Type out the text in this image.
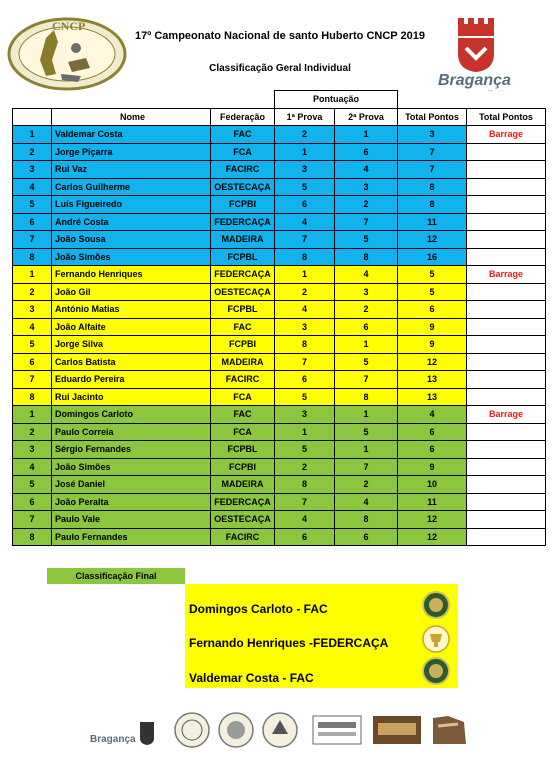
CNCP
17º Campeonato Nacional de santo Huberto CNCP 2019
Classificação Geral Individual
Bragança
			Pontuação			
	Nome	Federação	1ª Prova	2ª Prova	Total Pontos	Total Pontos
1	Valdemar Costa	FAC	2	1	3	Barrage
2	Jorge Piçarra	FCA	1	6	7	
3	Rui Vaz	FACIRC	3	4	7	
4	Carlos Guilherme	OESTECAÇA	5	3	8	
5	Luís Figueiredo	FCPBI	6	2	8	
6	André Costa	FEDERCAÇA	4	7	11	
7	João Sousa	MADEIRA	7	5	12	
8	João Simões	FCPBL	8	8	16	
1	Fernando Henriques	FEDERCAÇA	1	4	5	Barrage
2	João Gil	OESTECAÇA	2	3	5	
3	António Matias	FCPBL	4	2	6	
4	João Alfaite	FAC	3	6	9	
5	Jorge Silva	FCPBI	8	1	9	
6	Carlos Batista	MADEIRA	7	5	12	
7	Eduardo Pereira	FACIRC	6	7	13	
8	Rui Jacinto	FCA	5	8	13	
1	Domingos Carloto	FAC	3	1	4	Barrage
2	Paulo Correia	FCA	1	5	6	
3	Sérgio Fernandes	FCPBL	5	1	6	
4	João Simões	FCPBI	2	7	9	
5	José Daniel	MADEIRA	8	2	10	
6	João Peralta	FEDERCAÇA	7	4	11	
7	Paulo Vale	OESTECAÇA	4	8	12	
8	Paulo Fernandes	FACIRC	6	6	12	
Classificação Final
Domingos Carloto - FAC
Fernando Henriques -FEDERCAÇA
Valdemar Costa - FAC
Bragança
